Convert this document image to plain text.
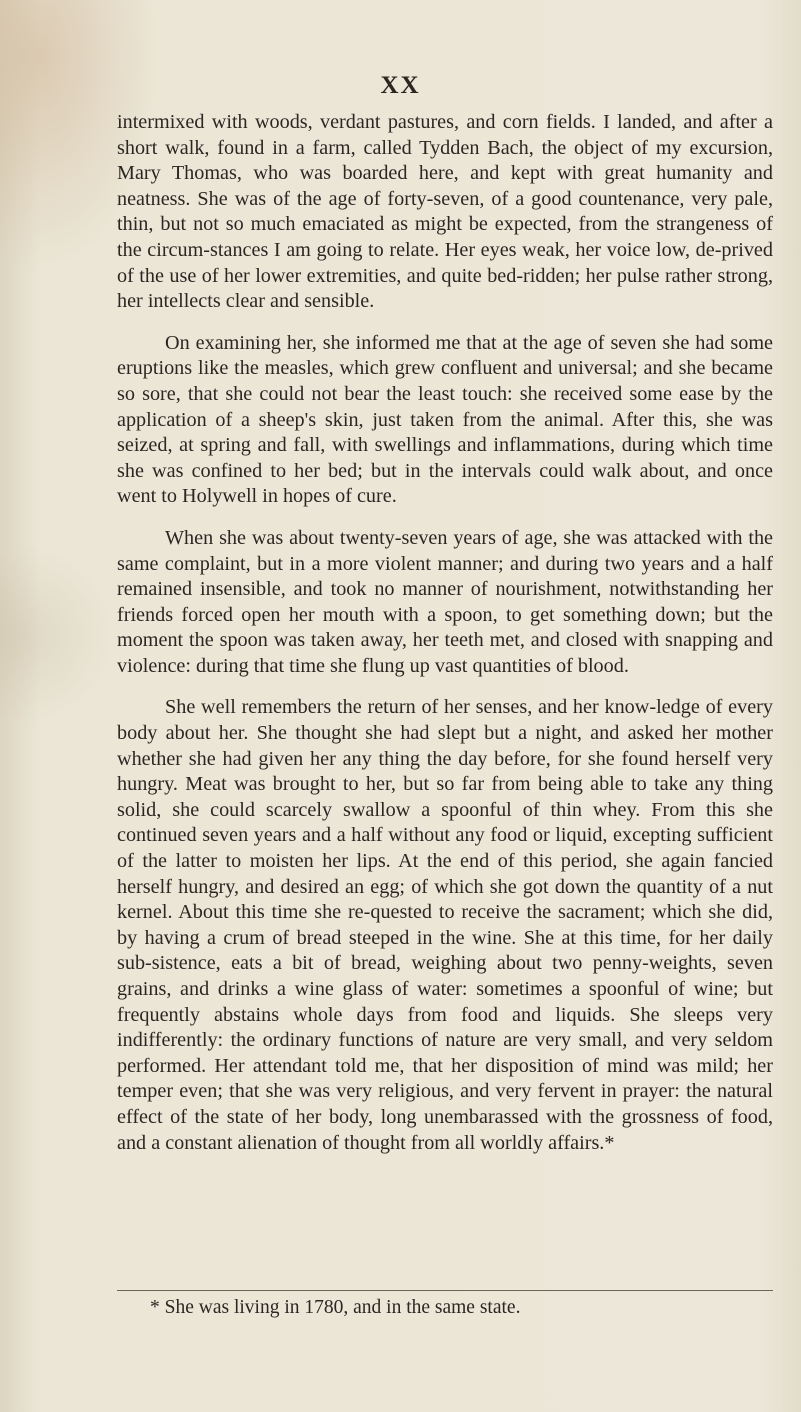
XX

intermixed with woods, verdant pastures, and corn fields. I landed, and after a short walk, found in a farm, called Tydden Bach, the object of my excursion, Mary Thomas, who was boarded here, and kept with great humanity and neatness. She was of the age of forty-seven, of a good countenance, very pale, thin, but not so much emaciated as might be expected, from the strangeness of the circum-stances I am going to relate. Her eyes weak, her voice low, de-prived of the use of her lower extremities, and quite bed-ridden; her pulse rather strong, her intellects clear and sensible.

On examining her, she informed me that at the age of seven she had some eruptions like the measles, which grew confluent and universal; and she became so sore, that she could not bear the least touch: she received some ease by the application of a sheep's skin, just taken from the animal. After this, she was seized, at spring and fall, with swellings and inflammations, during which time she was confined to her bed; but in the intervals could walk about, and once went to Holywell in hopes of cure.

When she was about twenty-seven years of age, she was attacked with the same complaint, but in a more violent manner; and during two years and a half remained insensible, and took no manner of nourishment, notwithstanding her friends forced open her mouth with a spoon, to get something down; but the moment the spoon was taken away, her teeth met, and closed with snapping and violence: during that time she flung up vast quantities of blood.

She well remembers the return of her senses, and her know-ledge of every body about her. She thought she had slept but a night, and asked her mother whether she had given her any thing the day before, for she found herself very hungry. Meat was brought to her, but so far from being able to take any thing solid, she could scarcely swallow a spoonful of thin whey. From this she continued seven years and a half without any food or liquid, excepting sufficient of the latter to moisten her lips. At the end of this period, she again fancied herself hungry, and desired an egg; of which she got down the quantity of a nut kernel. About this time she re-quested to receive the sacrament; which she did, by having a crum of bread steeped in the wine. She at this time, for her daily sub-sistence, eats a bit of bread, weighing about two penny-weights, seven grains, and drinks a wine glass of water: sometimes a spoonful of wine; but frequently abstains whole days from food and liquids. She sleeps very indifferently: the ordinary functions of nature are very small, and very seldom performed. Her attendant told me, that her disposition of mind was mild; her temper even; that she was very religious, and very fervent in prayer: the natural effect of the state of her body, long unembarassed with the grossness of food, and a constant alienation of thought from all worldly affairs.*

* She was living in 1780, and in the same state.
